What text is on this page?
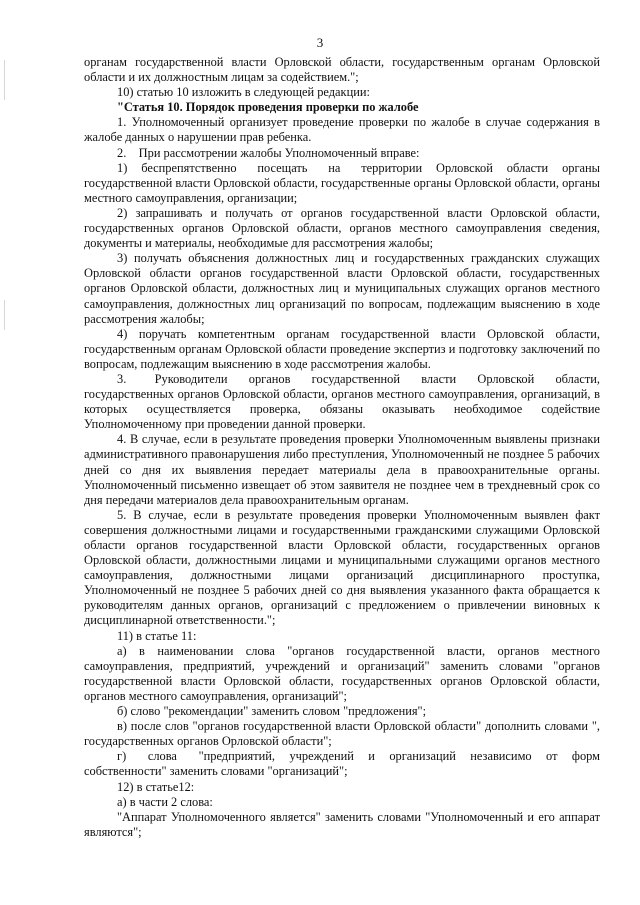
3

органам государственной власти Орловской области, государственным органам Орловской области и их должностным лицам за содействием.";

10) статью 10 изложить в следующей редакции:

"Статья 10. Порядок проведения проверки по жалобе

1. Уполномоченный организует проведение проверки по жалобе в случае содержания в жалобе данных о нарушении прав ребенка.

2.    При рассмотрении жалобы Уполномоченный вправе:

1)  беспрепятственно   посещать   на   территории  Орловской  области  органы государственной власти Орловской области, государственные органы Орловской области, органы местного самоуправления, организации;

2) запрашивать и получать от органов государственной власти Орловской области, государственных органов Орловской области, органов местного самоуправления сведения, документы и материалы, необходимые для рассмотрения жалобы;

3) получать объяснения должностных лиц и государственных гражданских служащих Орловской области органов государственной власти Орловской области, государственных органов Орловской области, должностных лиц и муниципальных служащих органов местного самоуправления, должностных лиц организаций по вопросам, подлежащим выяснению в ходе рассмотрения жалобы;

4) поручать компетентным органам государственной власти Орловской области, государственным органам Орловской области проведение экспертиз и подготовку заключений по вопросам, подлежащим выяснению в ходе рассмотрения жалобы.

3.    Руководители   органов   государственной   власти   Орловской   области, государственных органов Орловской области, органов местного самоуправления, организаций, в которых осуществляется проверка, обязаны оказывать необходимое содействие Уполномоченному при проведении данной проверки.

4. В случае, если в результате проведения проверки Уполномоченным выявлены признаки административного правонарушения либо преступления, Уполномоченный не позднее 5 рабочих дней со дня их выявления передает материалы дела в правоохранительные органы. Уполномоченный письменно извещает об этом заявителя не позднее чем в трехдневный срок со дня передачи материалов дела правоохранительным органам.

5. В случае, если в результате проведения проверки Уполномоченным выявлен факт совершения должностными лицами и государственными гражданскими служащими Орловской области органов государственной власти Орловской области, государственных органов Орловской области, должностными лицами и муниципальными служащими органов местного самоуправления, должностными лицами организаций дисциплинарного проступка, Уполномоченный не позднее 5 рабочих дней со дня выявления указанного факта обращается к руководителям данных органов, организаций с предложением о привлечении виновных к дисциплинарной ответственности.";

11) в статье 11:

а) в наименовании слова "органов государственной власти, органов местного самоуправления, предприятий, учреждений и организаций" заменить словами "органов государственной власти Орловской области, государственных органов Орловской области, органов местного самоуправления, организаций";

б) слово "рекомендации" заменить словом "предложения";

в) после слов "органов государственной власти Орловской области" дополнить словами ", государственных органов Орловской области";

г)   слова   "предприятий,  учреждений  и  организаций  независимо  от  форм собственности" заменить словами "организаций";

12) в статье12:

а) в части 2 слова:

"Аппарат Уполномоченного является" заменить словами "Уполномоченный и его аппарат являются";
